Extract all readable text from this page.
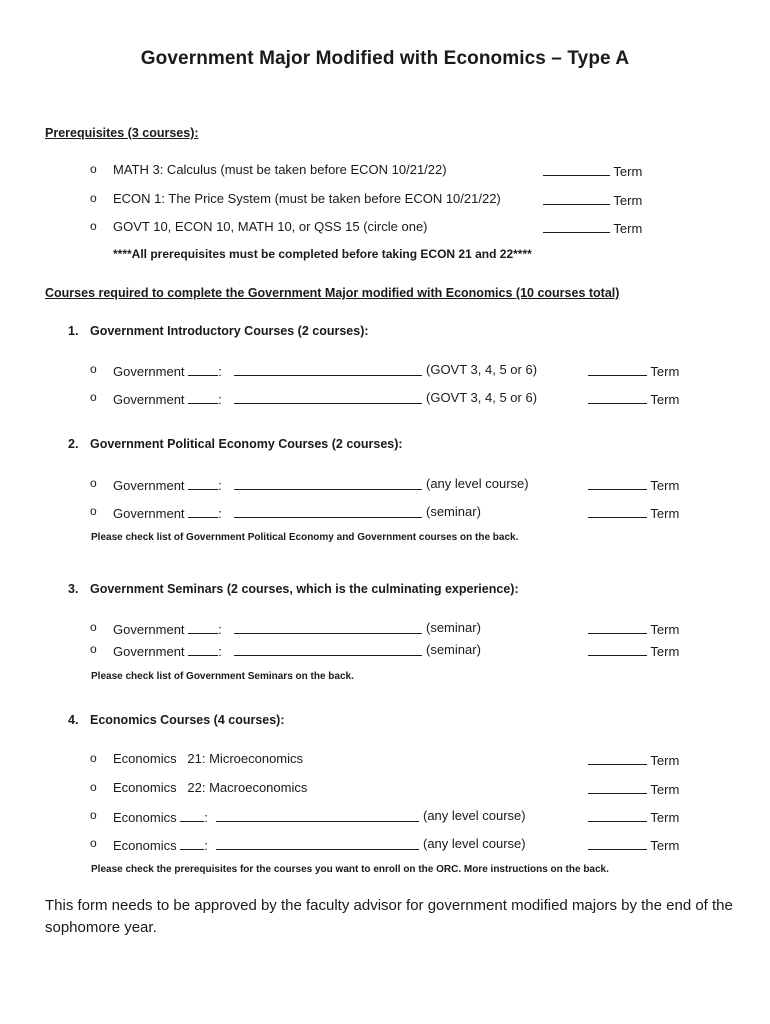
Government Major Modified with Economics – Type A
Prerequisites (3 courses):
o MATH 3: Calculus (must be taken before ECON 10/21/22)	Term
o ECON 1: The Price System (must be taken before ECON 10/21/22)	Term
o GOVT 10, ECON 10, MATH 10, or QSS 15 (circle one)	Term
****All prerequisites must be completed before taking ECON 21 and 22****
Courses required to complete the Government Major modified with Economics (10 courses total)
1. Government Introductory Courses (2 courses):
o Government	:	(GOVT 3, 4, 5 or 6)	Term
o Government	:	(GOVT 3, 4, 5 or 6)	Term
2. Government Political Economy Courses (2 courses):
o Government	:	(any level course)	Term
o Government	:	(seminar)	Term
Please check list of Government Political Economy and Government courses on the back.
3. Government Seminars (2 courses, which is the culminating experience):
o Government	:	(seminar)	Term
o Government	:	(seminar)	Term
Please check list of Government Seminars on the back.
4. Economics Courses (4 courses):
o Economics   21: Microeconomics	Term
o Economics   22: Macroeconomics	Term
o Economics :	(any level course)	Term
o Economics :	(any level course)	Term
Please check the prerequisites for the courses you want to enroll on the ORC. More instructions on the back.
This form needs to be approved by the faculty advisor for government modified majors by the end of the sophomore year.
